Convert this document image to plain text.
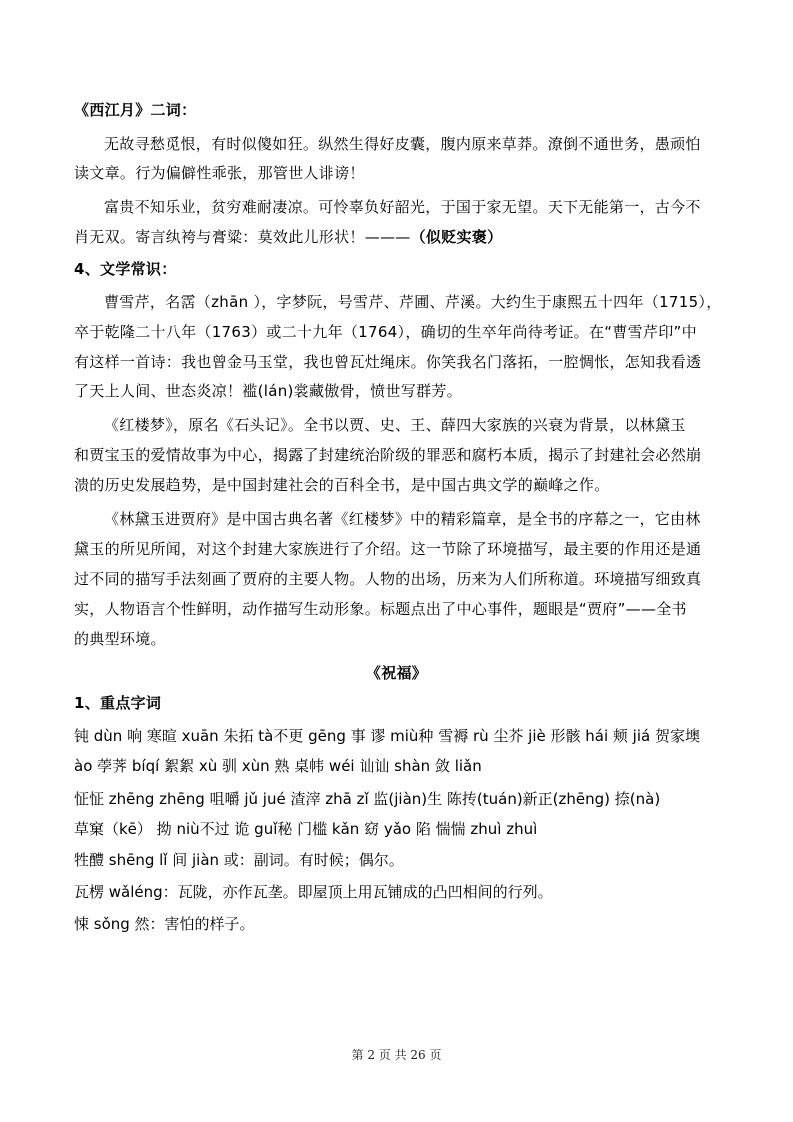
《西江月》二词：
无故寻愁觅恨，有时似傻如狂。纵然生得好皮囊，腹内原来草莽。潦倒不通世务，愚顽怕
读文章。行为偏僻性乖张，那管世人诽谤！
富贵不知乐业，贫穷难耐凄凉。可怜辜负好韶光，于国于家无望。天下无能第一，古今不
肖无双。寄言纨袴与膏粱：莫效此儿形状！———（似贬实褒）
4、文学常识：
曹雪芹，名霑（zhān ），字梦阮，号雪芹、芹圃、芹溪。大约生于康熙五十四年（1715），
卒于乾隆二十八年（1763）或二十九年（1764），确切的生卒年尚待考证。在“曹雪芹印”中
有这样一首诗：我也曾金马玉堂，我也曾瓦灶绳床。你笑我名门落拓，一腔惆怅，怎知我看透
了天上人间、世态炎凉！褴(lán)裳藏傲骨，愤世写群芳。
《红楼梦》，原名《石头记》。全书以贾、史、王、薛四大家族的兴衰为背景，以林黛玉
和贾宝玉的爱情故事为中心，揭露了封建统治阶级的罪恶和腐朽本质，揭示了封建社会必然崩
溃的历史发展趋势，是中国封建社会的百科全书，是中国古典文学的巅峰之作。
《林黛玉进贾府》是中国古典名著《红楼梦》中的精彩篇章，是全书的序幕之一，它由林
黛玉的所见所闻，对这个封建大家族进行了介绍。这一节除了环境描写，最主要的作用还是通
过不同的描写手法刻画了贾府的主要人物。人物的出场，历来为人们所称道。环境描写细致真
实，人物语言个性鲜明，动作描写生动形象。标题点出了中心事件，题眼是“贾府”——全书
的典型环境。
《祝福》
1、重点字词
钝 dùn 响 寒暄 xuān 朱拓 tà不更 gēng 事 谬 miù种 雪褥 rù 尘芥 jiè 形骸 hái 颊 jiá 贺家墺
ào 荸荠 bíqí 絮絮 xù 驯 xùn 熟 桌帏 wéi 讪讪 shàn 敛 liǎn
怔怔 zhēng zhēng 咀嚼 jǔ jué 渣滓 zhā zǐ 监(jiàn)生 陈抟(tuán)新正(zhēng) 捺(nà)
草窠（kē） 拗 niù不过 诡 guǐ秘 门槛 kǎn 窈 yǎo 陷 惴惴 zhuì zhuì
牲醴 shēng lǐ 间 jiàn 或：副词。有时候；偶尔。
瓦楞 wǎléng：瓦陇，亦作瓦垄。即屋顶上用瓦铺成的凸凹相间的行列。
悚 sǒng 然：害怕的样子。
第 2 页 共 26 页
